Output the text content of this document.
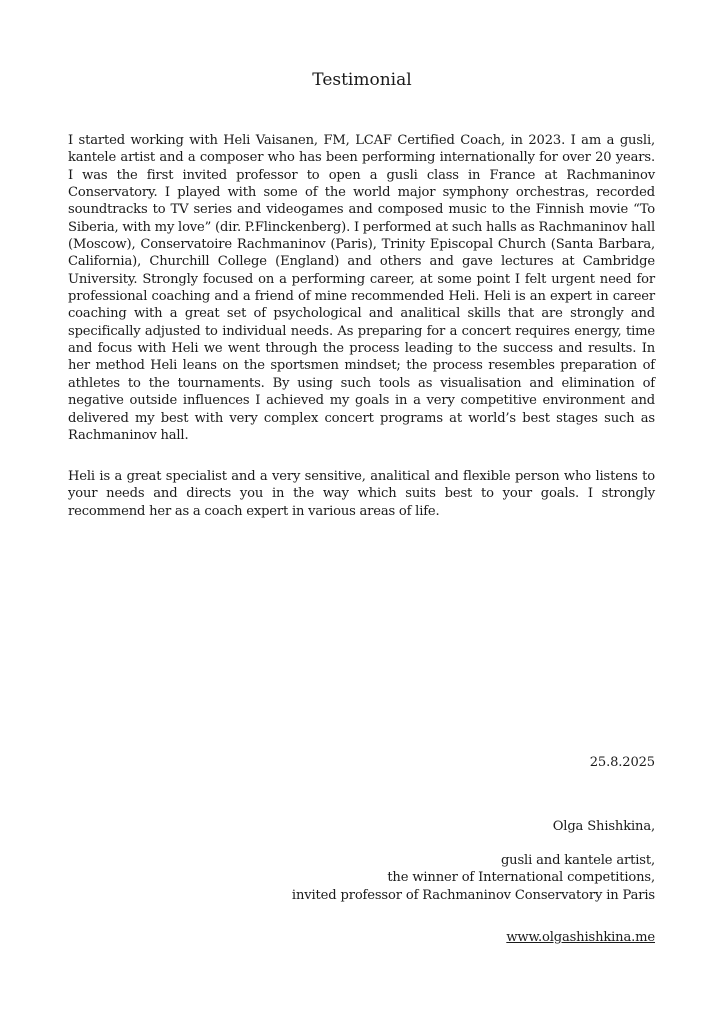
Testimonial

I started working with Heli Vaisanen, FM, LCAF Certified Coach, in 2023. I am a gusli, kantele artist and a composer who has been performing internationally for over 20 years. I was the first invited professor to open a gusli class in France at Rachmaninov Conservatory. I played with some of the world major symphony orchestras, recorded soundtracks to TV series and videogames and composed music to the Finnish movie “To Siberia, with my love” (dir. P.Flinckenberg). I performed at such halls as Rachmaninov hall (Moscow), Conservatoire Rachmaninov (Paris), Trinity Episcopal Church (Santa Barbara, California), Churchill College (England) and others and gave lectures at Cambridge University. Strongly focused on a performing career, at some point I felt urgent need for professional coaching and a friend of mine recommended Heli. Heli is an expert in career coaching with a great set of psychological and analitical skills that are strongly and specifically adjusted to individual needs. As preparing for a concert requires energy, time and focus with Heli we went through the process leading to the success and results. In her method Heli leans on the sportsmen mindset; the process resembles preparation of athletes to the tournaments. By using such tools as visualisation and elimination of negative outside influences I achieved my goals in a very competitive environment and delivered my best with very complex concert programs at world’s best stages such as Rachmaninov hall.

Heli is a great specialist and a very sensitive, analitical and flexible person who listens to your needs and directs you in the way which suits best to your goals. I strongly recommend her as a coach expert in various areas of life.

25.8.2025
Olga Shishkina,
gusli and kantele artist,
the winner of International competitions,
invited professor of Rachmaninov Conservatory in Paris
www.olgashishkina.me
